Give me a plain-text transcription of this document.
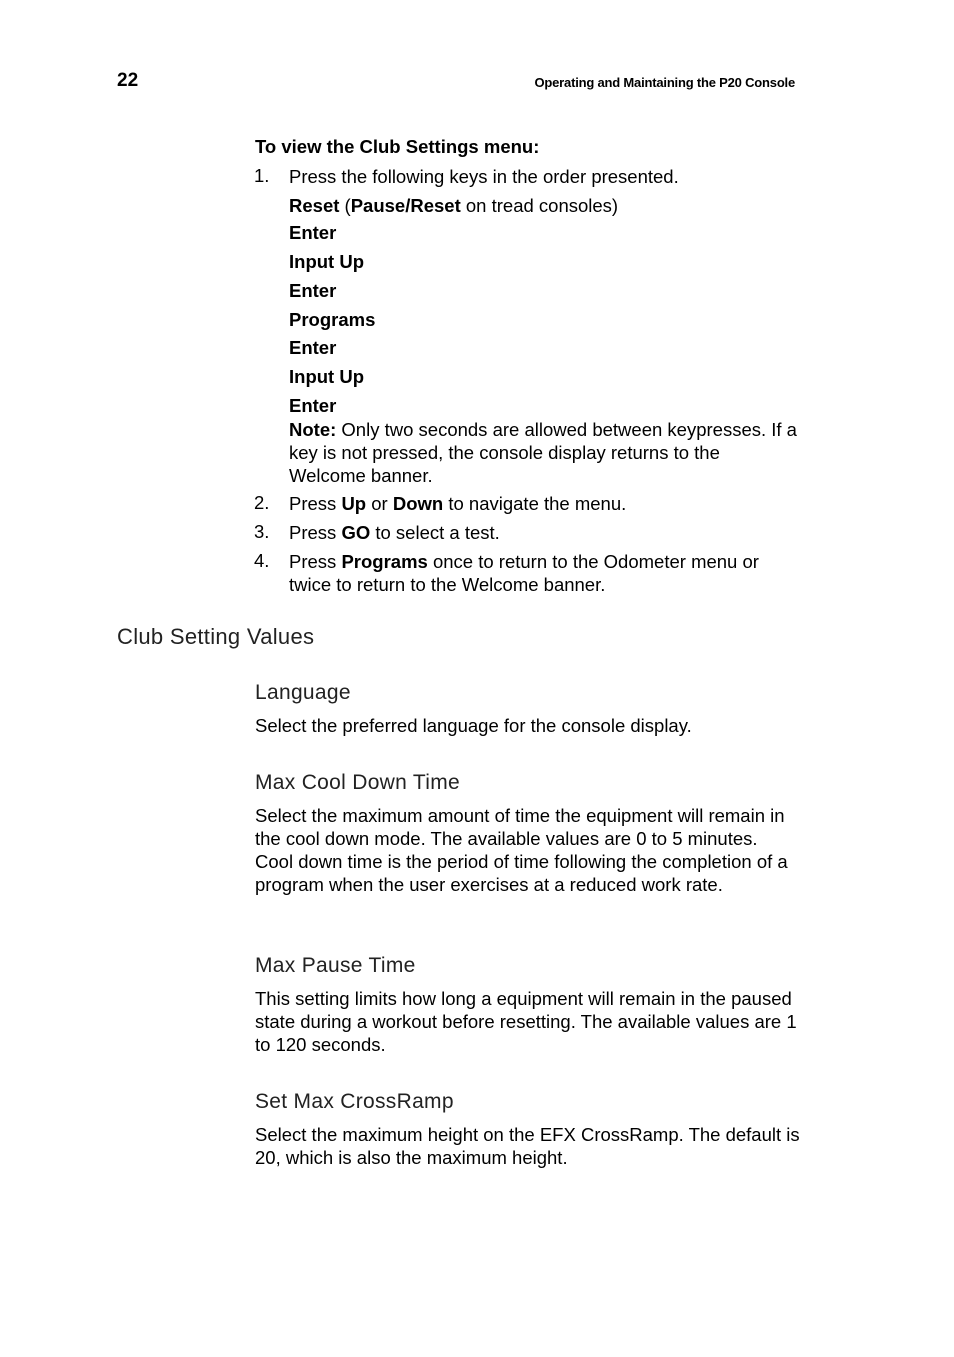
22	Operating and Maintaining the P20 Console
To view the Club Settings menu:
1. Press the following keys in the order presented.
Reset (Pause/Reset on tread consoles)
Enter
Input Up
Enter
Programs
Enter
Input Up
Enter
Note: Only two seconds are allowed between keypresses. If a key is not pressed, the console display returns to the Welcome banner.
2. Press Up or Down to navigate the menu.
3. Press GO to select a test.
4. Press Programs once to return to the Odometer menu or twice to return to the Welcome banner.
Club Setting Values
Language
Select the preferred language for the console display.
Max Cool Down Time
Select the maximum amount of time the equipment will remain in the cool down mode. The available values are 0 to 5 minutes. Cool down time is the period of time following the completion of a program when the user exercises at a reduced work rate.
Max Pause Time
This setting limits how long a equipment will remain in the paused state during a workout before resetting. The available values are 1 to 120 seconds.
Set Max CrossRamp
Select the maximum height on the EFX CrossRamp. The default is 20, which is also the maximum height.
